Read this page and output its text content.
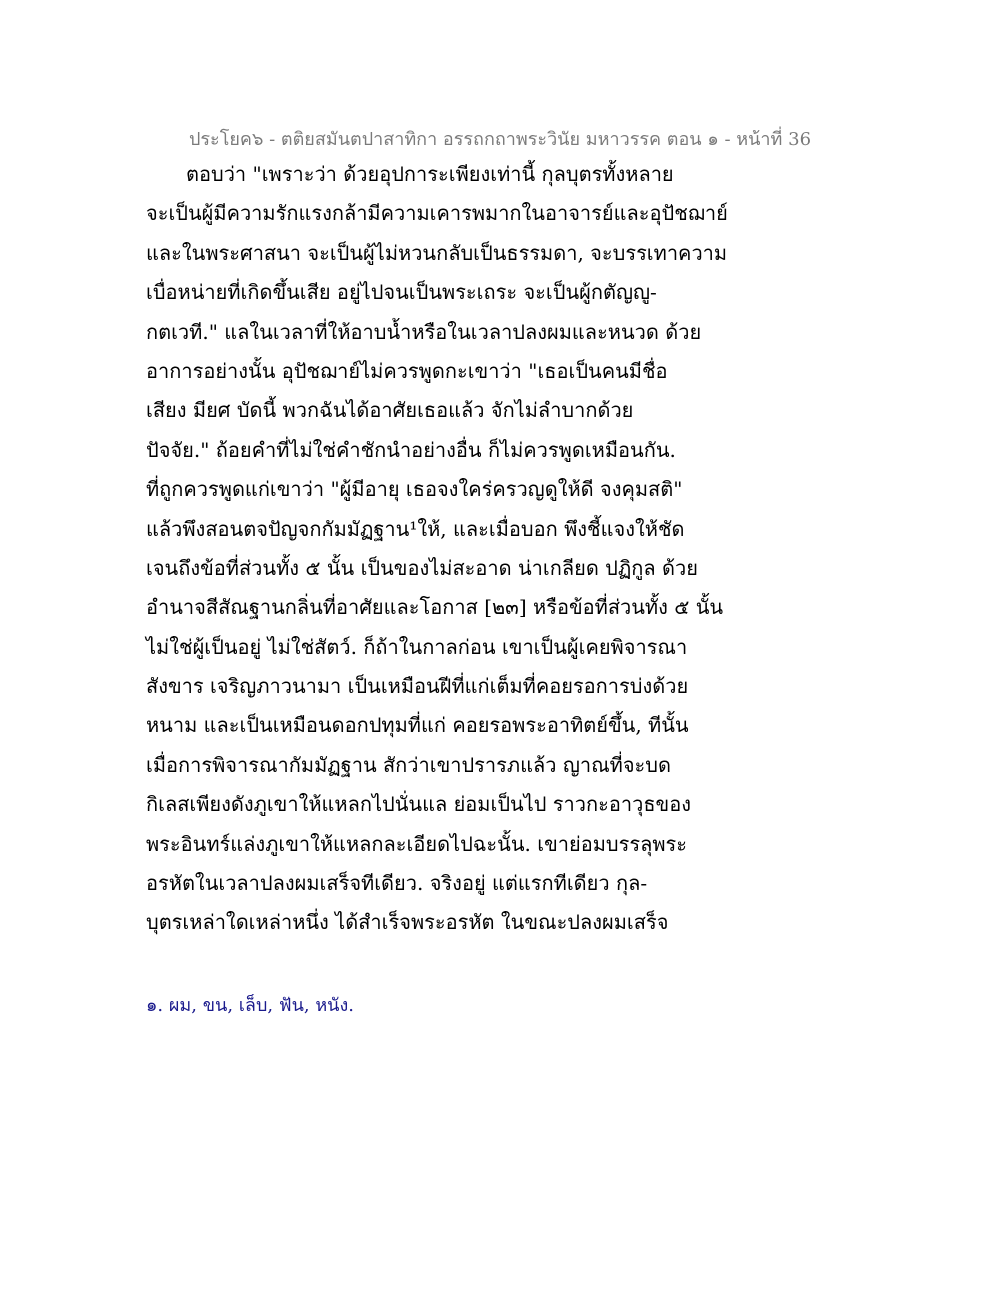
ประโยค๖ - ตติยสมันตปาสาทิกา อรรถกถาพระวินัย มหาวรรค ตอน ๑ - หน้าที่ 36
ตอบว่า "เพราะว่า ด้วยอุปการะเพียงเท่านี้ กุลบุตรทั้งหลาย
จะเป็นผู้มีความรักแรงกล้ามีความเคารพมากในอาจารย์และอุปัชฌาย์
และในพระศาสนา จะเป็นผู้ไม่หวนกลับเป็นธรรมดา, จะบรรเทาความ
เบื่อหน่ายที่เกิดขึ้นเสีย อยู่ไปจนเป็นพระเถระ จะเป็นผู้กตัญญู-
กตเวที." แลในเวลาที่ให้อาบน้ำหรือในเวลาปลงผมและหนวด ด้วย
อาการอย่างนั้น อุปัชฌาย์ไม่ควรพูดกะเขาว่า "เธอเป็นคนมีชื่อ
เสียง มียศ บัดนี้ พวกฉันได้อาศัยเธอแล้ว จักไม่ลำบากด้วย
ปัจจัย." ถ้อยคำที่ไม่ใช่คำชักนำอย่างอื่น ก็ไม่ควรพูดเหมือนกัน.
ที่ถูกควรพูดแก่เขาว่า "ผู้มีอายุ เธอจงใคร่ครวญดูให้ดี จงคุมสติ"
แล้วพึงสอนตจปัญจกกัมมัฏฐาน¹ให้, และเมื่อบอก พึงชี้แจงให้ชัด
เจนถึงข้อที่ส่วนทั้ง ๕ นั้น เป็นของไม่สะอาด น่าเกลียด ปฏิกูล ด้วย
อำนาจสีสัณฐานกลิ่นที่อาศัยและโอกาส [๒๓] หรือข้อที่ส่วนทั้ง ๕ นั้น
ไม่ใช่ผู้เป็นอยู่ ไม่ใช่สัตว์. ก็ถ้าในกาลก่อน เขาเป็นผู้เคยพิจารณา
สังขาร เจริญภาวนามา เป็นเหมือนฝีที่แก่เต็มที่คอยรอการบ่งด้วย
หนาม และเป็นเหมือนดอกปทุมที่แก่ คอยรอพระอาทิตย์ขึ้น, ทีนั้น
เมื่อการพิจารณากัมมัฏฐาน สักว่าเขาปรารภแล้ว ญาณที่จะบด
กิเลสเพียงดังภูเขาให้แหลกไปนั่นแล ย่อมเป็นไป ราวกะอาวุธของ
พระอินทร์แล่งภูเขาให้แหลกละเอียดไปฉะนั้น. เขาย่อมบรรลุพระ
อรหัตในเวลาปลงผมเสร็จทีเดียว. จริงอยู่ แต่แรกทีเดียว กุล-
บุตรเหล่าใดเหล่าหนึ่ง ได้สำเร็จพระอรหัต ในขณะปลงผมเสร็จ
๑. ผม, ขน, เล็บ, ฟัน, หนัง.
